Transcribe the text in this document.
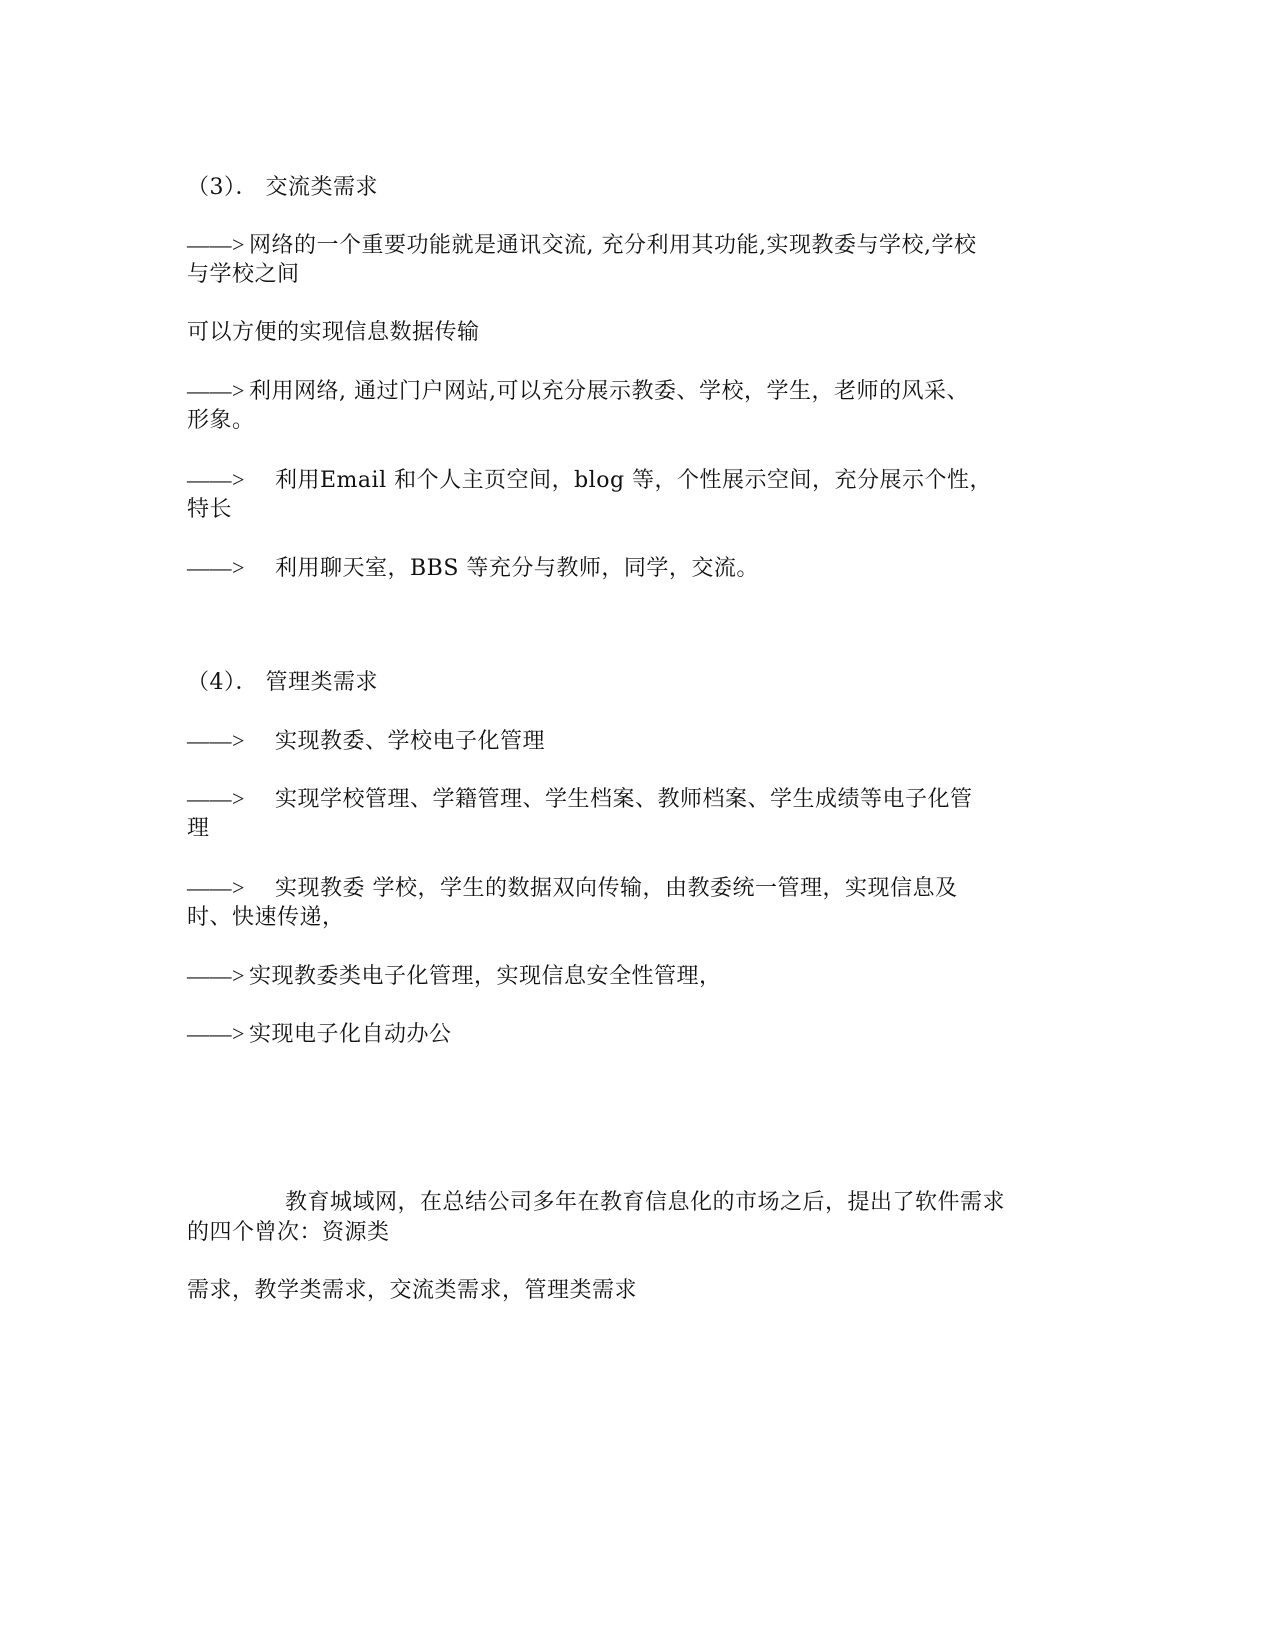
（3）． 交流类需求
——> 网络的一个重要功能就是通讯交流, 充分利用其功能,实现教委与学校,学校
与学校之间
可以方便的实现信息数据传输
——> 利用网络, 通过门户网站,可以充分展示教委、学校，学生，老师的风采、
形象。
——> 利用Email 和个人主页空间，blog 等，个性展示空间，充分展示个性，
特长
——> 利用聊天室，BBS 等充分与教师，同学，交流。
（4）． 管理类需求
——> 实现教委、学校电子化管理
——> 实现学校管理、学籍管理、学生档案、教师档案、学生成绩等电子化管
理
——> 实现教委 学校，学生的数据双向传输，由教委统一管理，实现信息及
时、快速传递，
——> 实现教委类电子化管理，实现信息安全性管理，
——> 实现电子化自动办公
教育城域网，在总结公司多年在教育信息化的市场之后，提出了软件需求
的四个曾次：资源类
需求，教学类需求，交流类需求，管理类需求
